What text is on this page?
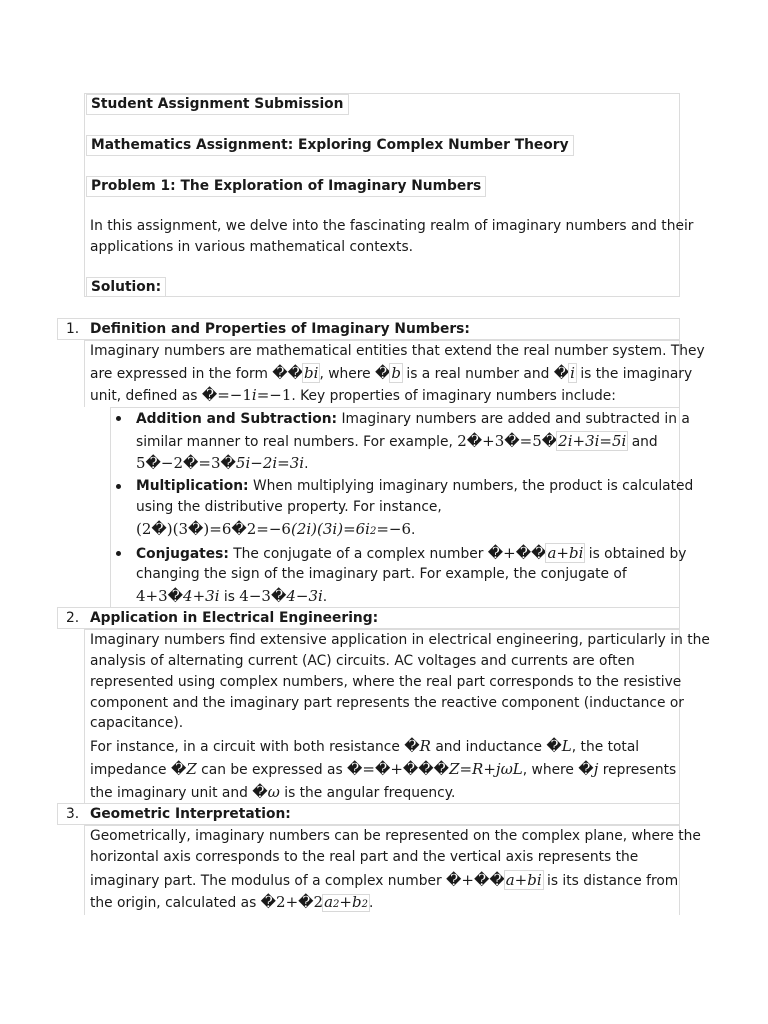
Student Assignment Submission
Mathematics Assignment: Exploring Complex Number Theory
Problem 1: The Exploration of Imaginary Numbers
In this assignment, we delve into the fascinating realm of imaginary numbers and their
applications in various mathematical contexts.
Solution:
1. Definition and Properties of Imaginary Numbers:
Imaginary numbers are mathematical entities that extend the real number system. They
are expressed in the form ��bi, where �b is a real number and �i is the imaginary
unit, defined as �=−1i=−1. Key properties of imaginary numbers include:
Addition and Subtraction: Imaginary numbers are added and subtracted in a
similar manner to real numbers. For example, 2�+3�=5�2i+3i=5i and
5�−2�=3�5i−2i=3i.
Multiplication: When multiplying imaginary numbers, the product is calculated
using the distributive property. For instance,
(2�)(3�)=6�2=−6(2i)(3i)=6i2=−6.
Conjugates: The conjugate of a complex number �+��a+bi is obtained by
changing the sign of the imaginary part. For example, the conjugate of
4+3�4+3i is 4−3�4−3i.
2. Application in Electrical Engineering:
Imaginary numbers find extensive application in electrical engineering, particularly in the
analysis of alternating current (AC) circuits. AC voltages and currents are often
represented using complex numbers, where the real part corresponds to the resistive
component and the imaginary part represents the reactive component (inductance or
capacitance).
For instance, in a circuit with both resistance �R and inductance �L, the total
impedance �Z can be expressed as �=�+���Z=R+jωL, where �j represents
the imaginary unit and �ω is the angular frequency.
3. Geometric Interpretation:
Geometrically, imaginary numbers can be represented on the complex plane, where the
horizontal axis corresponds to the real part and the vertical axis represents the
imaginary part. The modulus of a complex number �+��a+bi is its distance from
the origin, calculated as �2+�2a2+b2.
